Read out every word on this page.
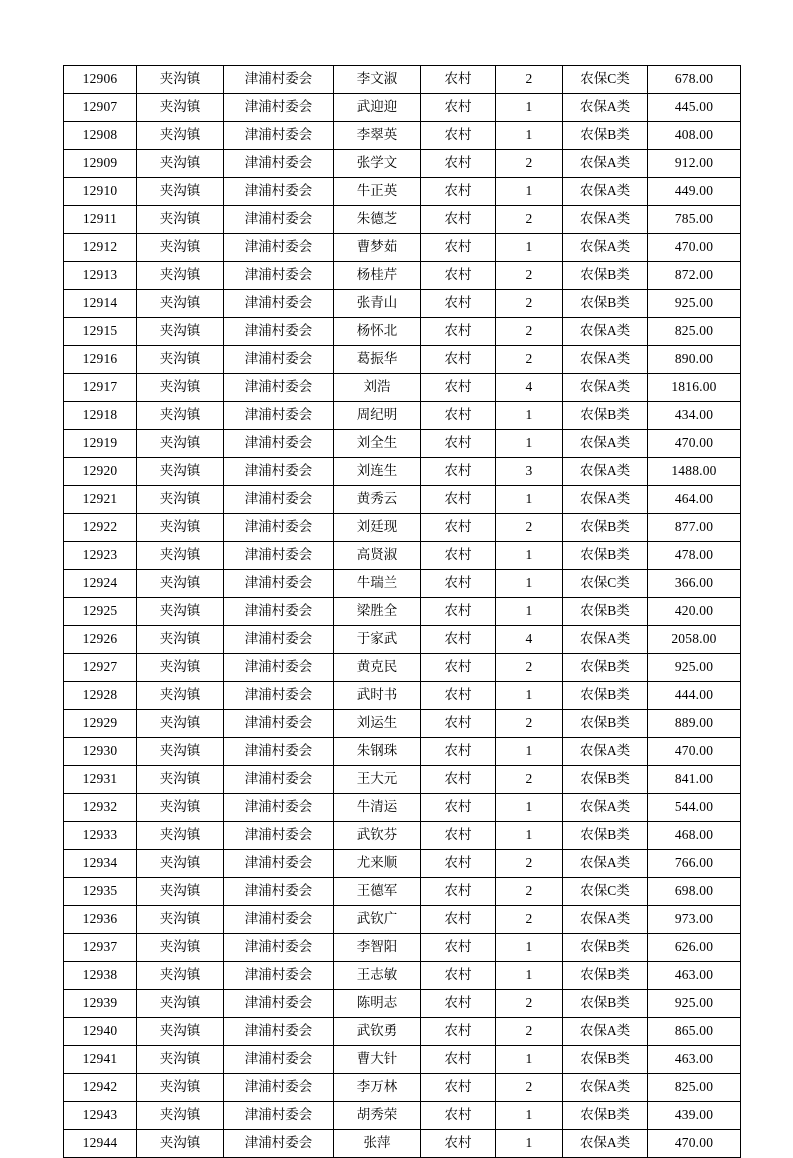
12906	夹沟镇	津浦村委会	李文淑	农村	2	农保C类	678.00
12907	夹沟镇	津浦村委会	武迎迎	农村	1	农保A类	445.00
12908	夹沟镇	津浦村委会	李翠英	农村	1	农保B类	408.00
12909	夹沟镇	津浦村委会	张学文	农村	2	农保A类	912.00
12910	夹沟镇	津浦村委会	牛正英	农村	1	农保A类	449.00
12911	夹沟镇	津浦村委会	朱德芝	农村	2	农保A类	785.00
12912	夹沟镇	津浦村委会	曹梦茹	农村	1	农保A类	470.00
12913	夹沟镇	津浦村委会	杨桂芹	农村	2	农保B类	872.00
12914	夹沟镇	津浦村委会	张青山	农村	2	农保B类	925.00
12915	夹沟镇	津浦村委会	杨怀北	农村	2	农保A类	825.00
12916	夹沟镇	津浦村委会	葛振华	农村	2	农保A类	890.00
12917	夹沟镇	津浦村委会	刘浩	农村	4	农保A类	1816.00
12918	夹沟镇	津浦村委会	周纪明	农村	1	农保B类	434.00
12919	夹沟镇	津浦村委会	刘全生	农村	1	农保A类	470.00
12920	夹沟镇	津浦村委会	刘连生	农村	3	农保A类	1488.00
12921	夹沟镇	津浦村委会	黄秀云	农村	1	农保A类	464.00
12922	夹沟镇	津浦村委会	刘廷现	农村	2	农保B类	877.00
12923	夹沟镇	津浦村委会	高贤淑	农村	1	农保B类	478.00
12924	夹沟镇	津浦村委会	牛瑞兰	农村	1	农保C类	366.00
12925	夹沟镇	津浦村委会	梁胜全	农村	1	农保B类	420.00
12926	夹沟镇	津浦村委会	于家武	农村	4	农保A类	2058.00
12927	夹沟镇	津浦村委会	黄克民	农村	2	农保B类	925.00
12928	夹沟镇	津浦村委会	武时书	农村	1	农保B类	444.00
12929	夹沟镇	津浦村委会	刘运生	农村	2	农保B类	889.00
12930	夹沟镇	津浦村委会	朱钢珠	农村	1	农保A类	470.00
12931	夹沟镇	津浦村委会	王大元	农村	2	农保B类	841.00
12932	夹沟镇	津浦村委会	牛清运	农村	1	农保A类	544.00
12933	夹沟镇	津浦村委会	武钦芬	农村	1	农保B类	468.00
12934	夹沟镇	津浦村委会	尤来顺	农村	2	农保A类	766.00
12935	夹沟镇	津浦村委会	王德军	农村	2	农保C类	698.00
12936	夹沟镇	津浦村委会	武钦广	农村	2	农保A类	973.00
12937	夹沟镇	津浦村委会	李智阳	农村	1	农保B类	626.00
12938	夹沟镇	津浦村委会	王志敏	农村	1	农保B类	463.00
12939	夹沟镇	津浦村委会	陈明志	农村	2	农保B类	925.00
12940	夹沟镇	津浦村委会	武钦勇	农村	2	农保A类	865.00
12941	夹沟镇	津浦村委会	曹大针	农村	1	农保B类	463.00
12942	夹沟镇	津浦村委会	李万林	农村	2	农保A类	825.00
12943	夹沟镇	津浦村委会	胡秀荣	农村	1	农保B类	439.00
12944	夹沟镇	津浦村委会	张萍	农村	1	农保A类	470.00
